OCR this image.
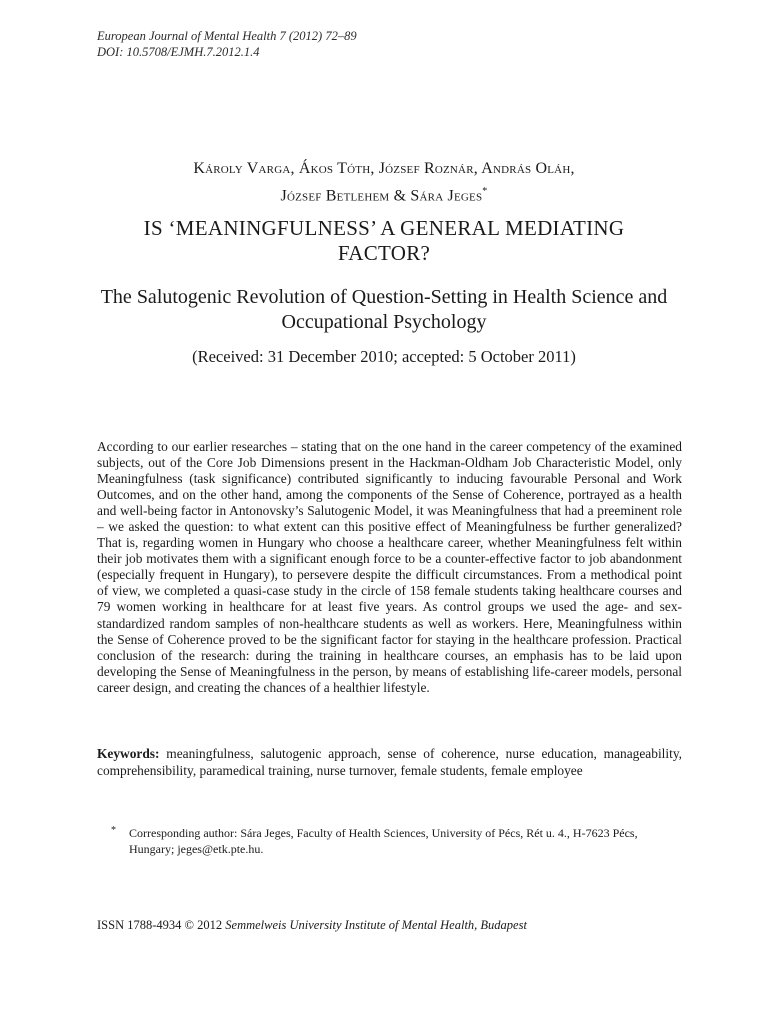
European Journal of Mental Health 7 (2012) 72–89
DOI: 10.5708/EJMH.7.2012.1.4
Károly Varga, Ákos Tóth, József Roznár, András Oláh,
József Betlehem & Sára Jeges*
IS ‘MEANINGFULNESS’ A GENERAL MEDIATING FACTOR?
The Salutogenic Revolution of Question-Setting in Health Science and Occupational Psychology
(Received: 31 December 2010; accepted: 5 October 2011)

According to our earlier researches – stating that on the one hand in the career competency of the examined subjects, out of the Core Job Dimensions present in the Hackman-Oldham Job Characteristic Model, only Meaningfulness (task significance) contributed significantly to inducing favourable Personal and Work Outcomes, and on the other hand, among the components of the Sense of Coherence, portrayed as a health and well-being factor in Antonovsky’s Salutogenic Model, it was Meaningfulness that had a preeminent role – we asked the question: to what extent can this positive effect of Meaningfulness be further generalized? That is, regarding women in Hungary who choose a healthcare career, whether Meaningfulness felt within their job motivates them with a significant enough force to be a counter-effective factor to job abandonment (especially frequent in Hungary), to persevere despite the difficult circumstances. From a methodical point of view, we completed a quasi-case study in the circle of 158 female students taking healthcare courses and 79 women working in healthcare for at least five years. As control groups we used the age- and sex-standardized random samples of non-healthcare students as well as workers. Here, Meaningfulness within the Sense of Coherence proved to be the significant factor for staying in the healthcare profession. Practical conclusion of the research: during the training in healthcare courses, an emphasis has to be laid upon developing the Sense of Meaningfulness in the person, by means of establishing life-career models, personal career design, and creating the chances of a healthier lifestyle.

Keywords: meaningfulness, salutogenic approach, sense of coherence, nurse education, manageability, comprehensibility, paramedical training, nurse turnover, female students, female employee

* Corresponding author: Sára Jeges, Faculty of Health Sciences, University of Pécs, Rét u. 4., H-7623 Pécs, Hungary; jeges@etk.pte.hu.
ISSN 1788-4934 © 2012 Semmelweis University Institute of Mental Health, Budapest
